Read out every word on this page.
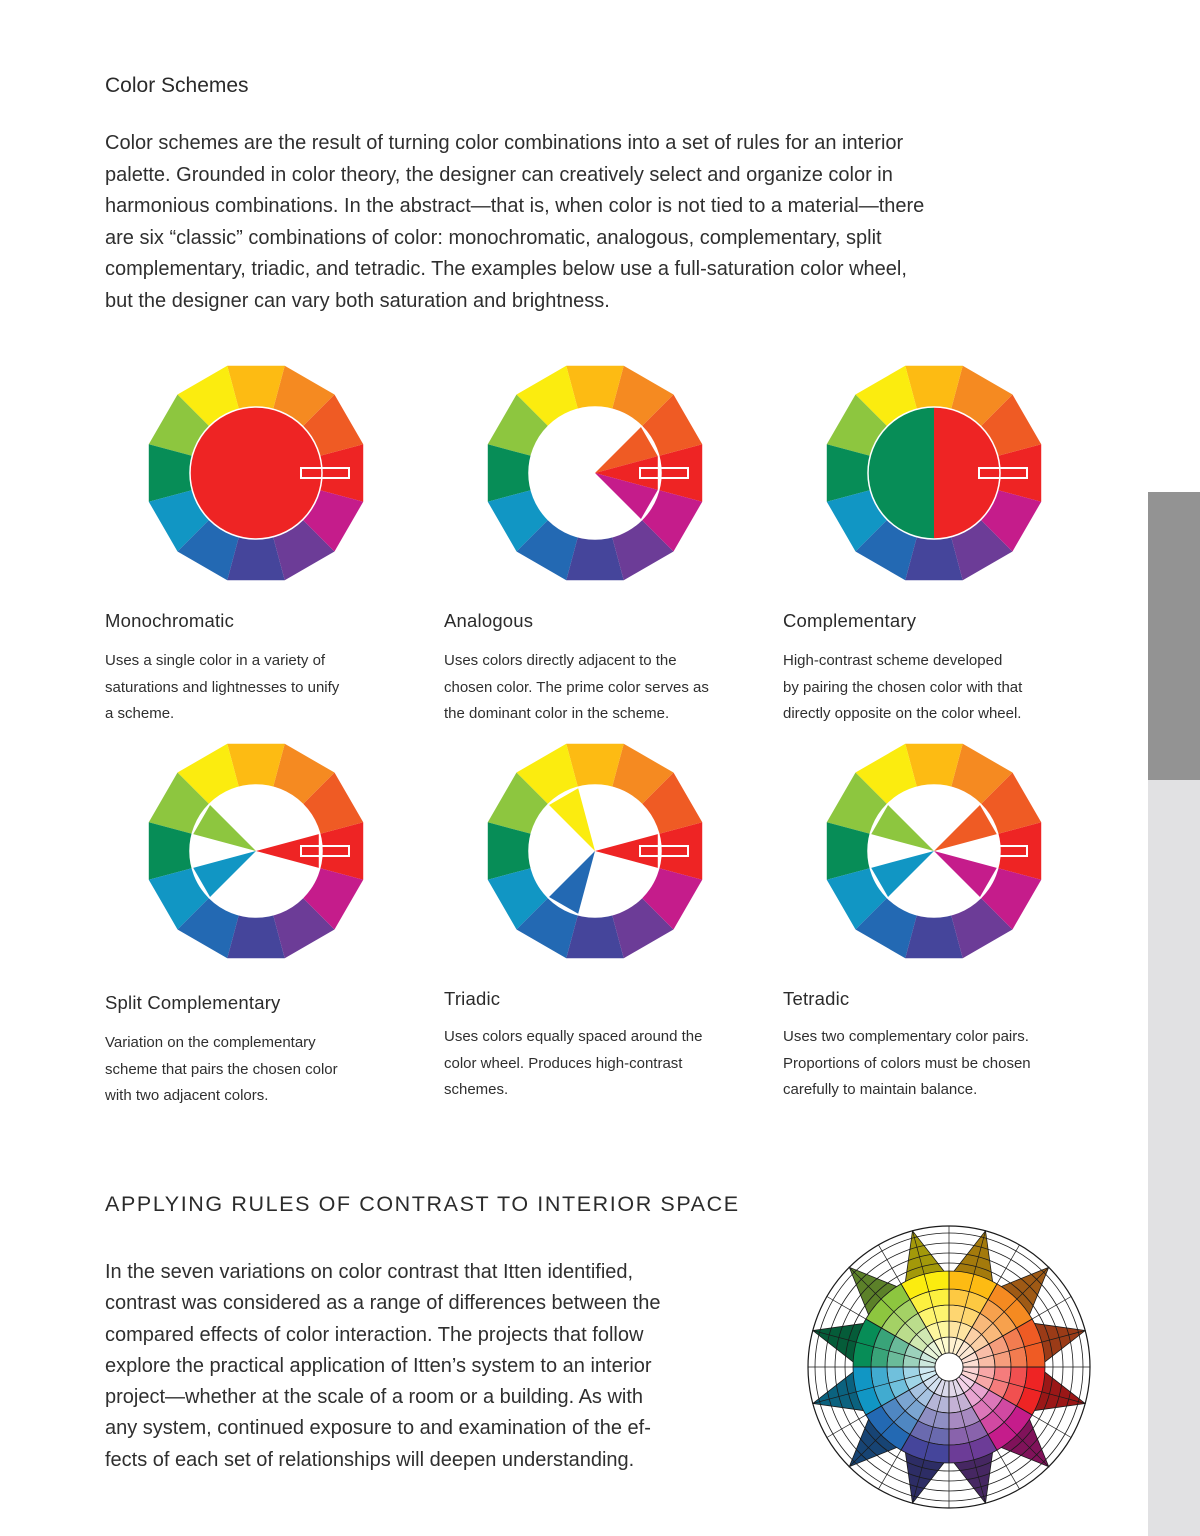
Color Schemes
Color schemes are the result of turning color combinations into a set of rules for an interior
palette. Grounded in color theory, the designer can creatively select and organize color in
harmonious combinations. In the abstract—that is, when color is not tied to a material—there
are six “classic” combinations of color: monochromatic, analogous, complementary, split
complementary, triadic, and tetradic. The examples below use a full-saturation color wheel,
but the designer can vary both saturation and brightness.
Monochromatic
Uses a single color in a variety of
saturations and lightnesses to unify
a scheme.
Analogous
Uses colors directly adjacent to the
chosen color. The prime color serves as
the dominant color in the scheme.
Complementary
High-contrast scheme developed
by pairing the chosen color with that
directly opposite on the color wheel.
Split Complementary
Variation on the complementary
scheme that pairs the chosen color
with two adjacent colors.
Triadic
Uses colors equally spaced around the
color wheel. Produces high-contrast
schemes.
Tetradic
Uses two complementary color pairs.
Proportions of colors must be chosen
carefully to maintain balance.
APPLYING RULES OF CONTRAST TO INTERIOR SPACE
In the seven variations on color contrast that Itten identified,
contrast was considered as a range of differences between the
compared effects of color interaction. The projects that follow
explore the practical application of Itten’s system to an interior
project—whether at the scale of a room or a building. As with
any system, continued exposure to and examination of the ef-
fects of each set of relationships will deepen understanding.
